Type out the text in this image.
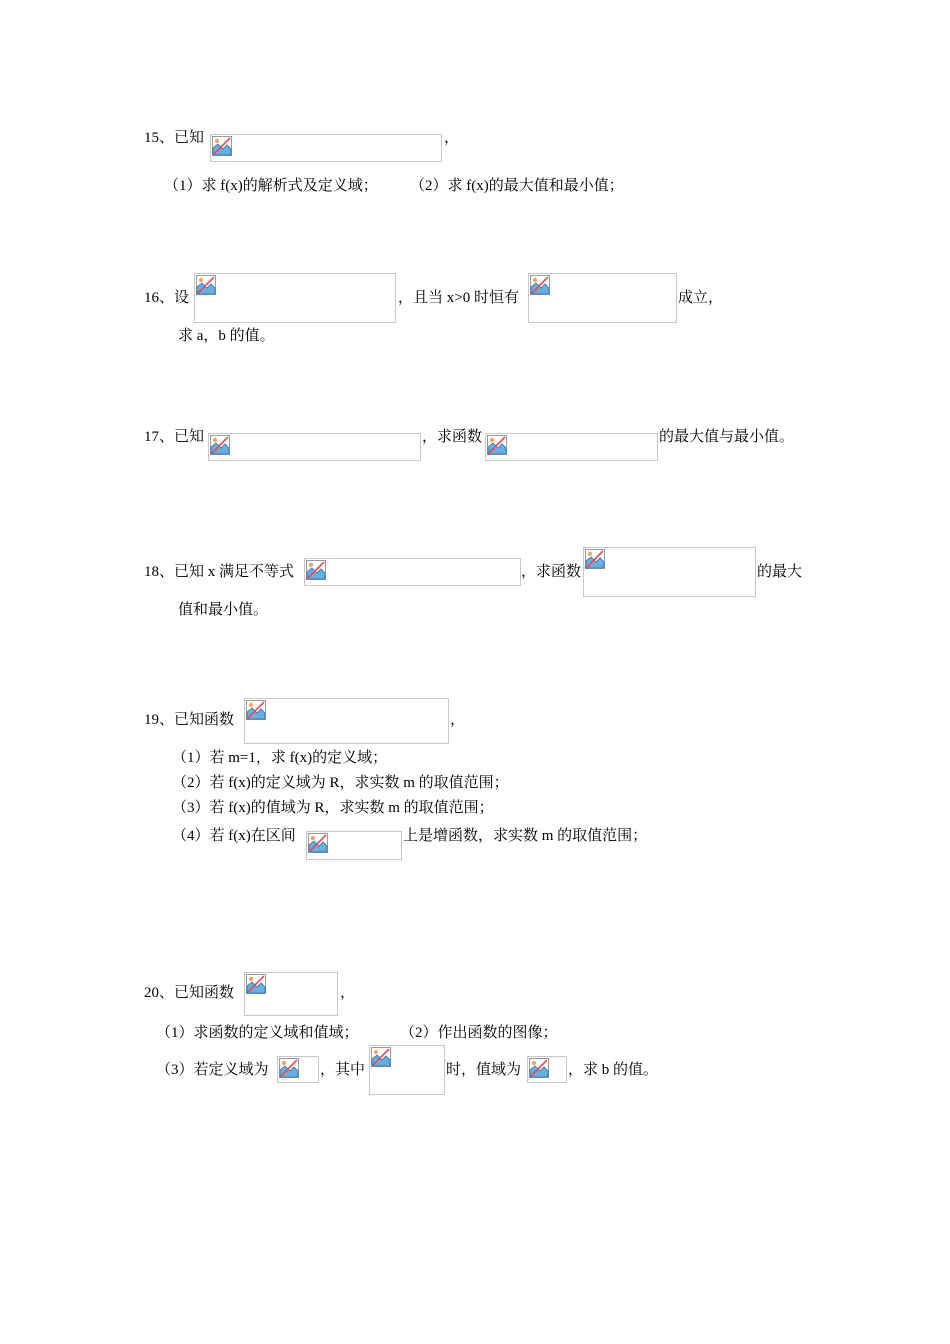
15、已知	，
（1）求 f(x)的解析式及定义域； （2）求 f(x)的最大值和最小值；
16、设	，且当 x>0 时恒有	成立，
求 a，b 的值。
17、已知	，求函数	的最大值与最小值。
18、已知 x 满足不等式	，求函数	的最大
值和最小值。
19、已知函数	，
（1）若 m=1，求 f(x)的定义域；
（2）若 f(x)的定义域为 R，求实数 m 的取值范围；
（3）若 f(x)的值域为 R，求实数 m 的取值范围；
（4）若 f(x)在区间	上是增函数，求实数 m 的取值范围；
20、已知函数	，
（1）求函数的定义域和值域；	（2）作出函数的图像；
（3）若定义域为	，其中	时，值域为	，求 b 的值。
